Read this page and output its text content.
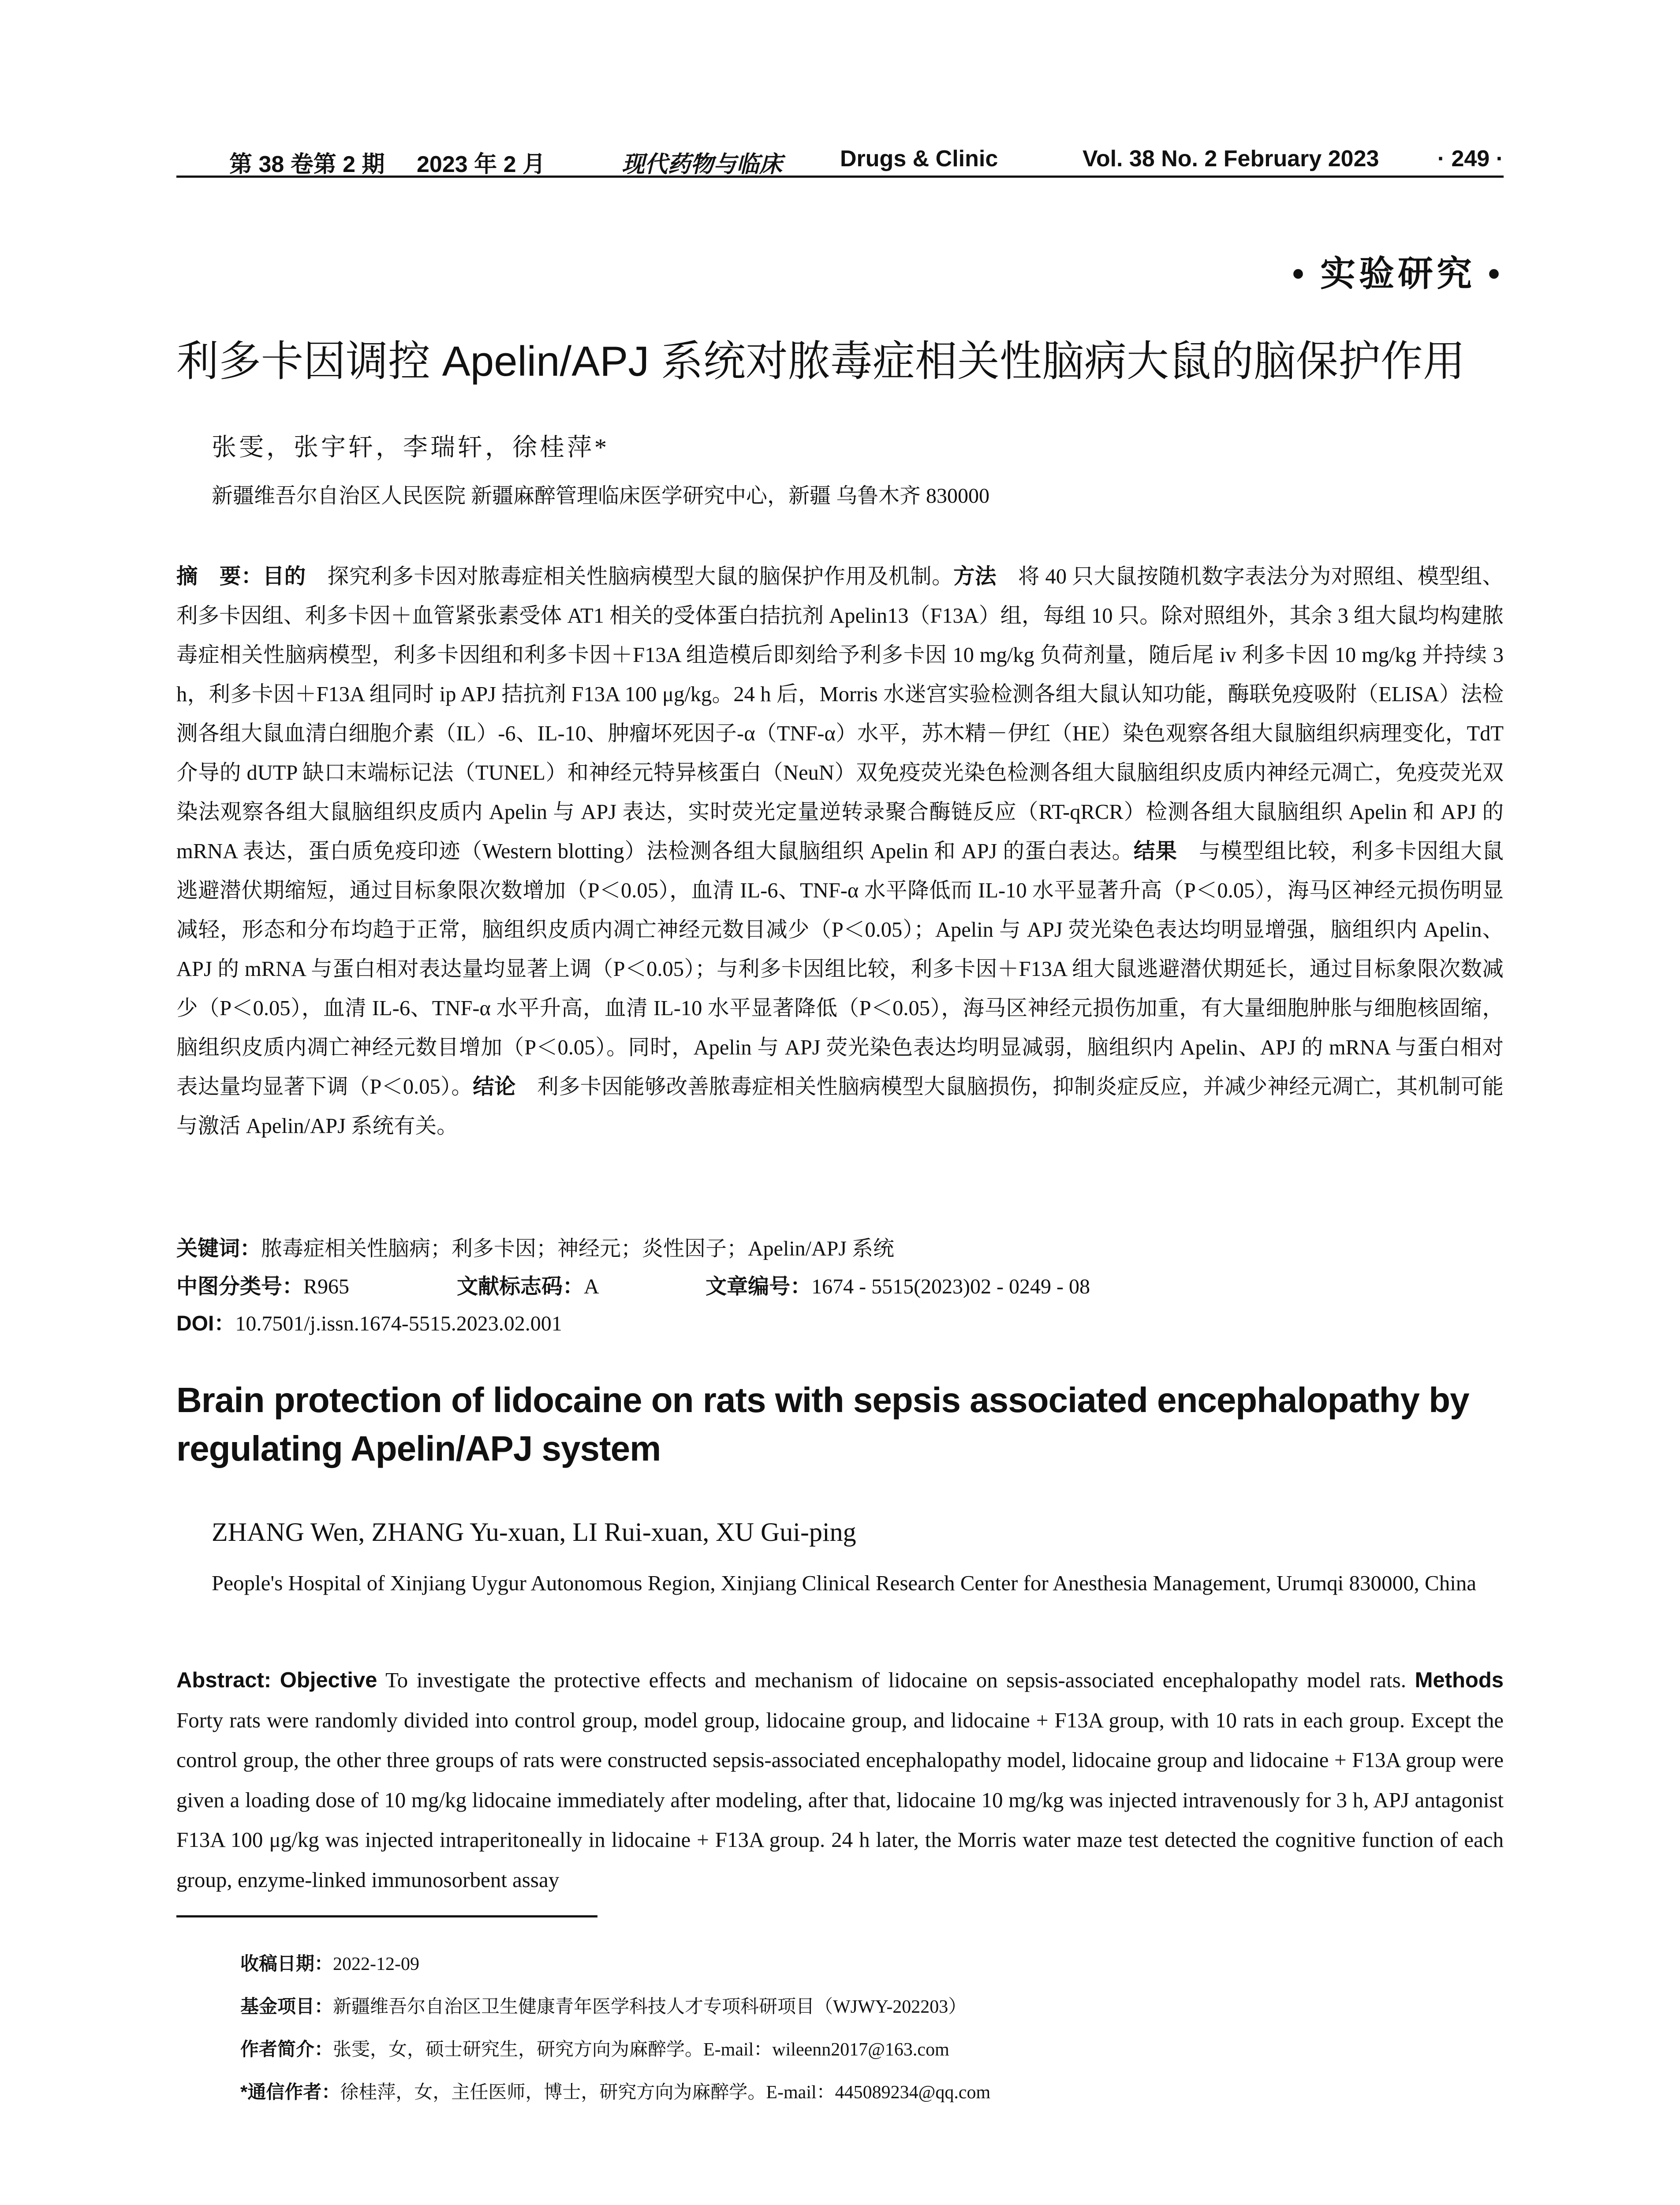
第 38 卷第 2 期 2023 年 2 月	现代药物与临床	Drugs & Clinic	Vol. 38 No. 2 February 2023	· 249 ·
• 实验研究 •
利多卡因调控 Apelin/APJ 系统对脓毒症相关性脑病大鼠的脑保护作用
张雯，张宇轩，李瑞轩，徐桂萍*
新疆维吾尔自治区人民医院 新疆麻醉管理临床医学研究中心，新疆 乌鲁木齐 830000
摘　要：目的　探究利多卡因对脓毒症相关性脑病模型大鼠的脑保护作用及机制。方法　将 40 只大鼠按随机数字表法分为对照组、模型组、利多卡因组、利多卡因＋血管紧张素受体 AT1 相关的受体蛋白拮抗剂 Apelin13（F13A）组，每组 10 只。除对照组外，其余 3 组大鼠均构建脓毒症相关性脑病模型，利多卡因组和利多卡因＋F13A 组造模后即刻给予利多卡因 10 mg/kg 负荷剂量，随后尾 iv 利多卡因 10 mg/kg 并持续 3 h，利多卡因＋F13A 组同时 ip APJ 拮抗剂 F13A 100 μg/kg。24 h 后，Morris 水迷宫实验检测各组大鼠认知功能，酶联免疫吸附（ELISA）法检测各组大鼠血清白细胞介素（IL）-6、IL-10、肿瘤坏死因子-α（TNF-α）水平，苏木精－伊红（HE）染色观察各组大鼠脑组织病理变化，TdT 介导的 dUTP 缺口末端标记法（TUNEL）和神经元特异核蛋白（NeuN）双免疫荧光染色检测各组大鼠脑组织皮质内神经元凋亡，免疫荧光双染法观察各组大鼠脑组织皮质内 Apelin 与 APJ 表达，实时荧光定量逆转录聚合酶链反应（RT-qRCR）检测各组大鼠脑组织 Apelin 和 APJ 的 mRNA 表达，蛋白质免疫印迹（Western blotting）法检测各组大鼠脑组织 Apelin 和 APJ 的蛋白表达。结果　与模型组比较，利多卡因组大鼠逃避潜伏期缩短，通过目标象限次数增加（P＜0.05），血清 IL-6、TNF-α 水平降低而 IL-10 水平显著升高（P＜0.05），海马区神经元损伤明显减轻，形态和分布均趋于正常，脑组织皮质内凋亡神经元数目减少（P＜0.05）；Apelin 与 APJ 荧光染色表达均明显增强，脑组织内 Apelin、APJ 的 mRNA 与蛋白相对表达量均显著上调（P＜0.05）；与利多卡因组比较，利多卡因＋F13A 组大鼠逃避潜伏期延长，通过目标象限次数减少（P＜0.05），血清 IL-6、TNF-α 水平升高，血清 IL-10 水平显著降低（P＜0.05），海马区神经元损伤加重，有大量细胞肿胀与细胞核固缩，脑组织皮质内凋亡神经元数目增加（P＜0.05）。同时，Apelin 与 APJ 荧光染色表达均明显减弱，脑组织内 Apelin、APJ 的 mRNA 与蛋白相对表达量均显著下调（P＜0.05）。结论　利多卡因能够改善脓毒症相关性脑病模型大鼠脑损伤，抑制炎症反应，并减少神经元凋亡，其机制可能与激活 Apelin/APJ 系统有关。
关键词：脓毒症相关性脑病；利多卡因；神经元；炎性因子；Apelin/APJ 系统
中图分类号：R965	文献标志码：A	文章编号：1674 - 5515(2023)02 - 0249 - 08
DOI：10.7501/j.issn.1674-5515.2023.02.001
Brain protection of lidocaine on rats with sepsis associated encephalopathy by regulating Apelin/APJ system
ZHANG Wen, ZHANG Yu-xuan, LI Rui-xuan, XU Gui-ping
People's Hospital of Xinjiang Uygur Autonomous Region, Xinjiang Clinical Research Center for Anesthesia Management, Urumqi 830000, China
Abstract: Objective To investigate the protective effects and mechanism of lidocaine on sepsis-associated encephalopathy model rats. Methods Forty rats were randomly divided into control group, model group, lidocaine group, and lidocaine + F13A group, with 10 rats in each group. Except the control group, the other three groups of rats were constructed sepsis-associated encephalopathy model, lidocaine group and lidocaine + F13A group were given a loading dose of 10 mg/kg lidocaine immediately after modeling, after that, lidocaine 10 mg/kg was injected intravenously for 3 h, APJ antagonist F13A 100 μg/kg was injected intraperitoneally in lidocaine + F13A group. 24 h later, the Morris water maze test detected the cognitive function of each group, enzyme-linked immunosorbent assay
收稿日期：2022-12-09
基金项目：新疆维吾尔自治区卫生健康青年医学科技人才专项科研项目（WJWY-202203）
作者简介：张雯，女，硕士研究生，研究方向为麻醉学。E-mail：wileenn2017@163.com
*通信作者：徐桂萍，女，主任医师，博士，研究方向为麻醉学。E-mail：445089234@qq.com
